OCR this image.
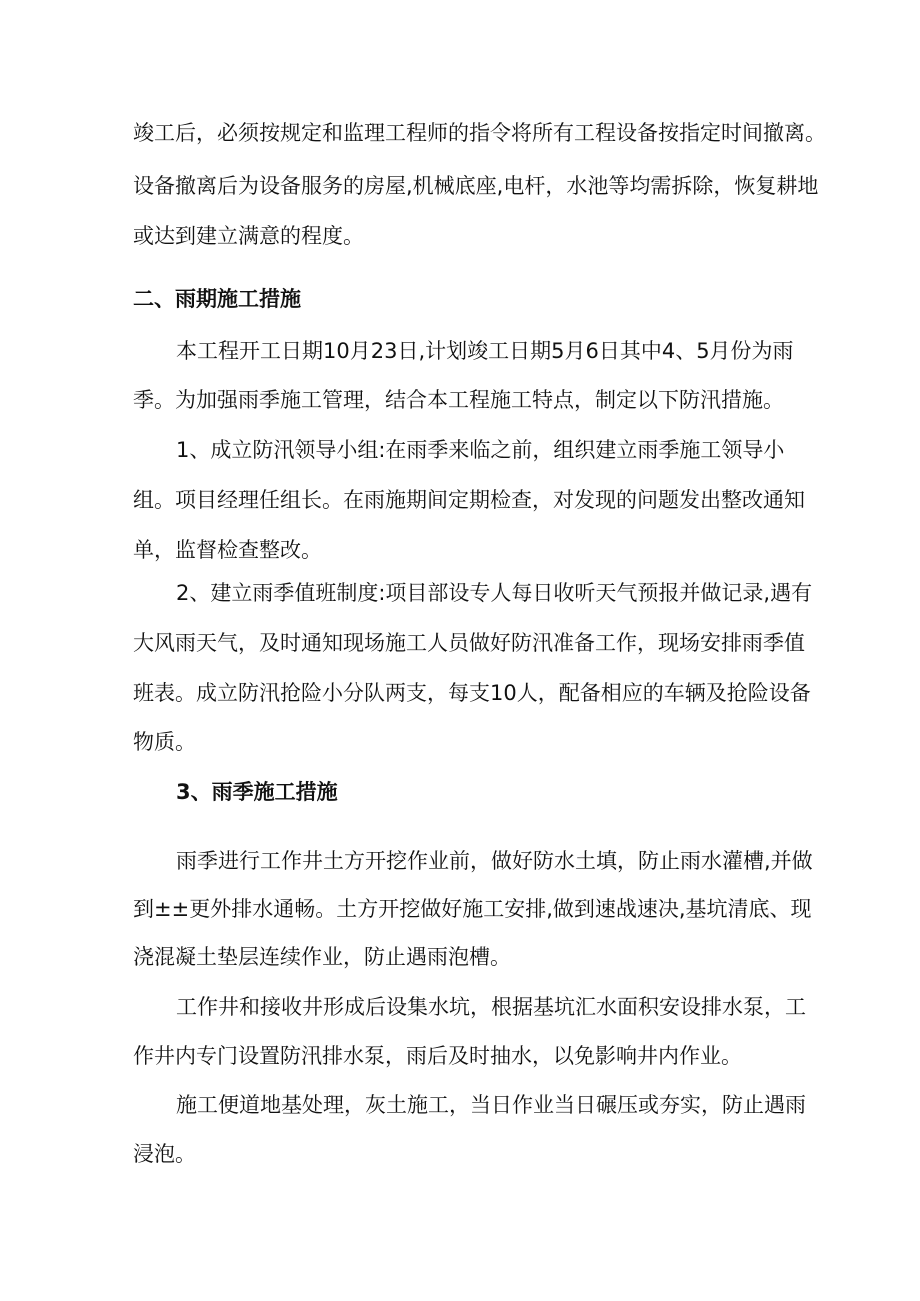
竣工后，必须按规定和监理工程师的指令将所有工程设备按指定时间撤离。
设备撤离后为设备服务的房屋,机械底座,电杆，水池等均需拆除，恢复耕地
或达到建立满意的程度。
二、雨期施工措施
本工程开工日期10月23日,计划竣工日期5月6日其中4、5月份为雨
季。为加强雨季施工管理，结合本工程施工特点，制定以下防汛措施。
1、成立防汛领导小组:在雨季来临之前，组织建立雨季施工领导小
组。项目经理任组长。在雨施期间定期检查，对发现的问题发出整改通知
单，监督检查整改。
2、建立雨季值班制度:项目部设专人每日收听天气预报并做记录,遇有
大风雨天气，及时通知现场施工人员做好防汛准备工作，现场安排雨季值
班表。成立防汛抢险小分队两支，每支10人，配备相应的车辆及抢险设备
物质。
3、雨季施工措施
雨季进行工作井土方开挖作业前，做好防水土填，防止雨水灌槽,并做
到±±更外排水通畅。土方开挖做好施工安排,做到速战速决,基坑清底、现
浇混凝土垫层连续作业，防止遇雨泡槽。
工作井和接收井形成后设集水坑，根据基坑汇水面积安设排水泵，工
作井内专门设置防汛排水泵，雨后及时抽水，以免影响井内作业。
施工便道地基处理，灰土施工，当日作业当日碾压或夯实，防止遇雨
浸泡。
